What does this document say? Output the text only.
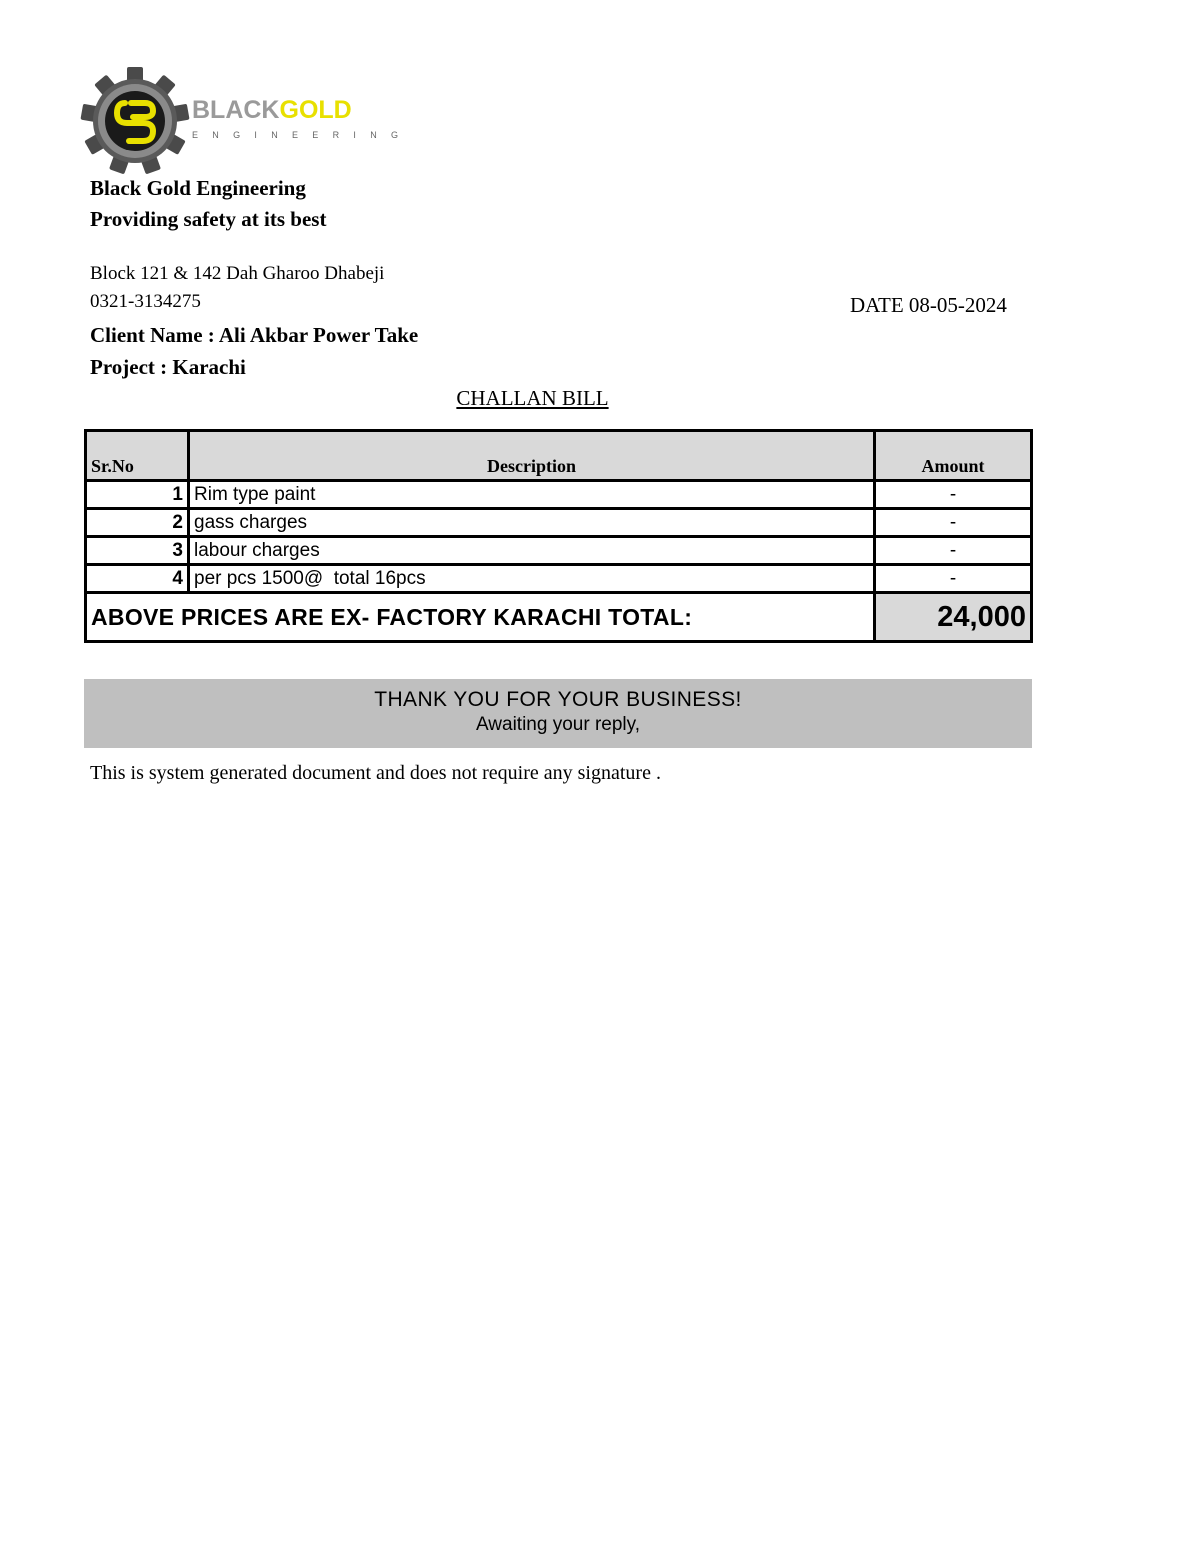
BLACKGOLD
ENGINEERING
Black Gold Engineering
Providing safety at its best
Block 121 & 142 Dah Gharoo Dhabeji
0321-3134275	DATE 08-05-2024
Client Name : Ali Akbar Power Take
Project : Karachi
CHALLAN BILL
Sr.No	Description	Amount
1	Rim type paint	-
2	gass charges	-
3	labour charges	-
4	per pcs 1500@  total 16pcs	-
ABOVE PRICES ARE EX- FACTORY KARACHI TOTAL:		24,000
THANK YOU FOR YOUR BUSINESS!
Awaiting your reply,
This is system generated document and does not require any signature .
